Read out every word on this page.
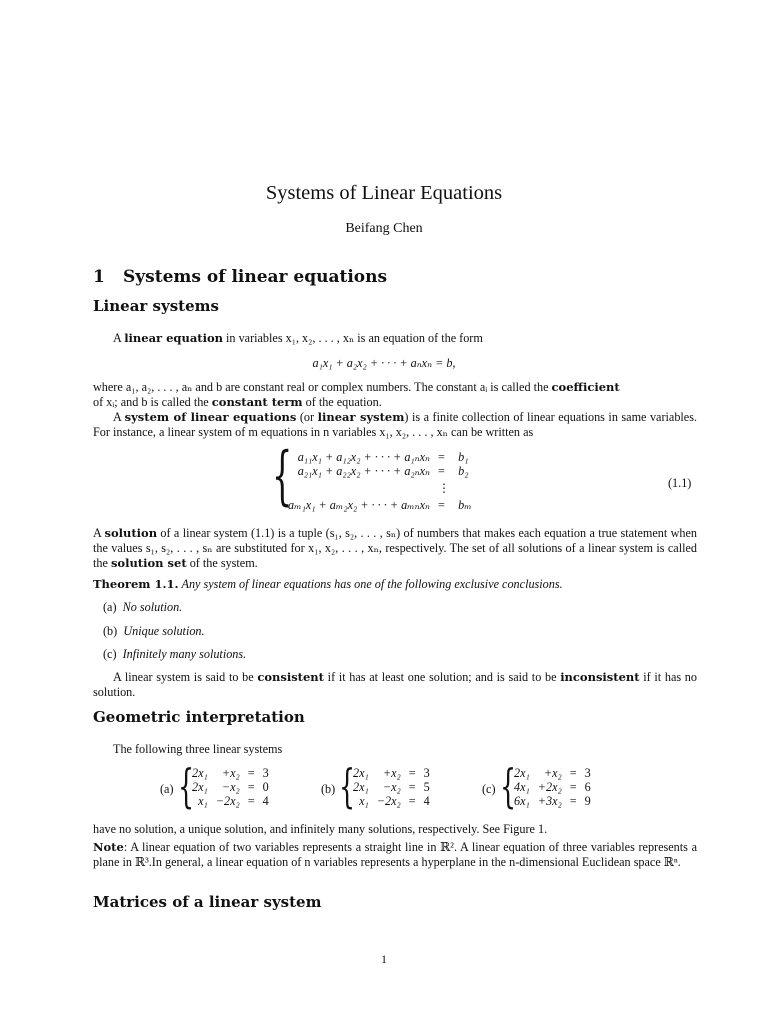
Systems of Linear Equations
Beifang Chen
1 Systems of linear equations
Linear systems
A linear equation in variables x₁, x₂, . . . , xₙ is an equation of the form
a₁x₁ + a₂x₂ + · · · + aₙxₙ = b,
where a₁, a₂, . . . , aₙ and b are constant real or complex numbers. The constant aᵢ is called the coefficient
of xᵢ; and b is called the constant term of the equation.
A system of linear equations (or linear system) is a finite collection of linear equations in same variables. For instance, a linear system of m equations in n variables x₁, x₂, . . . , xₙ can be written as
{ a₁₁x₁ + a₁₂x₂ + · · · + a₁ₙxₙ	=	b₁
a₂₁x₁ + a₂₂x₂ + · · · + a₂ₙxₙ	=	b₂
	⋮	
aₘ₁x₁ + aₘ₂x₂ + · · · + aₘₙxₙ	=	bₘ
(1.1)
A solution of a linear system (1.1) is a tuple (s₁, s₂, . . . , sₙ) of numbers that makes each equation a true statement when the values s₁, s₂, . . . , sₙ are substituted for x₁, x₂, . . . , xₙ, respectively. The set of all solutions of a linear system is called the solution set of the system.
Theorem 1.1. Any system of linear equations has one of the following exclusive conclusions.
(a) No solution.
(b) Unique solution.
(c) Infinitely many solutions.
A linear system is said to be consistent if it has at least one solution; and is said to be inconsistent if it has no solution.
Geometric interpretation
The following three linear systems
(a) {
2x₁	+x₂	=	3
2x₁	−x₂	=	0
x₁	−2x₂	=	4
(b) {
2x₁	+x₂	=	3
2x₁	−x₂	=	5
x₁	−2x₂	=	4
(c) {
2x₁	+x₂	=	3
4x₁	+2x₂	=	6
6x₁	+3x₂	=	9
have no solution, a unique solution, and infinitely many solutions, respectively. See Figure 1.
Note: A linear equation of two variables represents a straight line in ℝ². A linear equation of three variables represents a plane in ℝ³.In general, a linear equation of n variables represents a hyperplane in the n-dimensional Euclidean space ℝⁿ.
Matrices of a linear system
1
